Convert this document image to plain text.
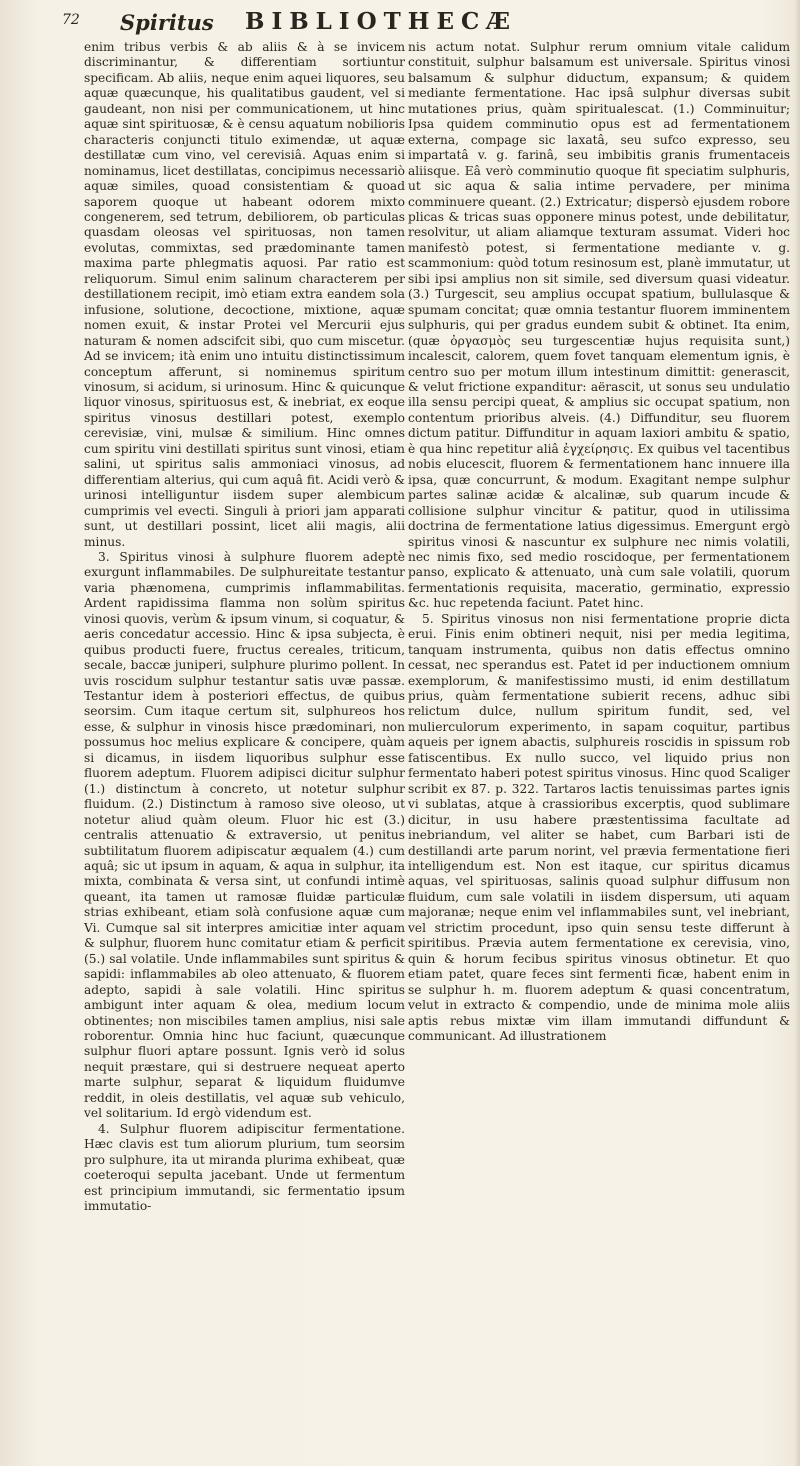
72 Spiritus BIBLIOTHECÆ

enim tribus verbis & ab aliis & à se invicem discriminantur, & differentiam sortiuntur specificam. Ab aliis, neque enim aquei liquores, seu aquæ quæcunque, his qualitatibus gaudent, vel si gaudeant, non nisi per communicationem, ut hinc aquæ sint spirituosæ, & è censu aquatum nobilioris characteris conjuncti titulo eximendæ, ut aquæ destillatæ cum vino, vel cerevisiâ. Aquas enim si nominamus, licet destillatas, concipimus necessariò aquæ similes, quoad consistentiam & quoad saporem quoque ut habeant odorem mixto congenerem, sed tetrum, debiliorem, ob particulas quasdam oleosas vel spirituosas, non tamen evolutas, commixtas, sed prædominante tamen maxima parte phlegmatis aquosi. Par ratio est reliquorum. Simul enim salinum characterem per destillationem recipit, imò etiam extra eandem sola infusione, solutione, decoctione, mixtione, aquæ nomen exuit, & instar Protei vel Mercurii ejus naturam & nomen adscifcit sibi, quo cum miscetur. Ad se invicem; ità enim uno intuitu distinctissimum conceptum afferunt, si nominemus spiritum vinosum, si acidum, si urinosum. Hinc & quicunque liquor vinosus, spirituosus est, & inebriat, ex eoque spiritus vinosus destillari potest, exemplo cerevisiæ, vini, mulsæ & similium. Hinc omnes cum spiritu vini destillati spiritus sunt vinosi, etiam salini, ut spiritus salis ammoniaci vinosus, ad differentiam alterius, qui cum aquâ fit. Acidi verò & urinosi intelliguntur iisdem super alembicum cumprimis vel evecti. Singuli à priori jam apparati sunt, ut destillari possint, licet alii magis, alii minus.

3. Spiritus vinosi à sulphure fluorem adeptè exurgunt inflammabiles. De sulphureitate testantur varia phænomena, cumprimis inflammabilitas. Ardent rapidissima flamma non solùm spiritus vinosi quovis, verùm & ipsum vinum, si coquatur, & aeris concedatur accessio. Hinc & ipsa subjecta, è quibus producti fuere, fructus cereales, triticum, secale, baccæ juniperi, sulphure plurimo pollent. In uvis roscidum sulphur testantur satis uvæ passæ. Testantur idem à posteriori effectus, de quibus seorsim. Cum itaque certum sit, sulphureos hos esse, & sulphur in vinosis hisce prædominari, non possumus hoc melius explicare & concipere, quàm si dicamus, in iisdem liquoribus sulphur esse fluorem adeptum. Fluorem adipisci dicitur sulphur (1.) distinctum à concreto, ut notetur sulphur fluidum. (2.) Distinctum à ramoso sive oleoso, ut notetur aliud quàm oleum. Fluor hic est (3.) centralis attenuatio & extraversio, ut penitus subtilitatum fluorem adipiscatur æqualem (4.) cum aquâ; sic ut ipsum in aquam, & aqua in sulphur, ita mixta, combinata & versa sint, ut confundi intimè queant, ita tamen ut ramosæ fluidæ particulæ strias exhibeant, etiam solà confusione aquæ cum Vi. Cumque sal sit interpres amicitiæ inter aquam & sulphur, fluorem hunc comitatur etiam & perficit (5.) sal volatile. Unde inflammabiles sunt spiritus & sapidi: inflammabiles ab oleo attenuato, & fluorem adepto, sapidi à sale volatili. Hinc spiritus ambigunt inter aquam & olea, medium locum obtinentes; non miscibiles tamen amplius, nisi sale roborentur. Omnia hinc huc faciunt, quæcunque sulphur fluori aptare possunt. Ignis verò id solus nequit præstare, qui si destruere nequeat aperto marte sulphur, separat & liquidum fluidumve reddit, in oleis destillatis, vel aquæ sub vehiculo, vel solitarium. Id ergò videndum est.

4. Sulphur fluorem adipiscitur fermentatione. Hæc clavis est tum aliorum plurium, tum seorsim pro sulphure, ita ut miranda plurima exhibeat, quæ coeteroqui sepulta jacebant. Unde ut fermentum est principium immutandi, sic fermentatio ipsum immutatio-

nis actum notat. Sulphur rerum omnium vitale calidum constituit, sulphur balsamum est universale. Spiritus vinosi balsamum & sulphur diductum, expansum; & quidem mediante fermentatione. Hac ipsâ sulphur diversas subit mutationes prius, quàm spiritualescat. (1.) Comminuitur; Ipsa quidem comminutio opus est ad fermentationem externa, compage sic laxatâ, seu sufco expresso, seu impartatâ v. g. farinâ, seu imbibitis granis frumentaceis aliisque. Eâ verò comminutio quoque fit speciatim sulphuris, ut sic aqua & salia intime pervadere, per minima comminuere queant. (2.) Extricatur; dispersò ejusdem robore plicas & tricas suas opponere minus potest, unde debilitatur, resolvitur, ut aliam aliamque texturam assumat. Videri hoc manifestò potest, si fermentatione mediante v. g. scammonium: quòd totum resinosum est, planè immutatur, ut sibi ipsi amplius non sit simile, sed diversum quasi videatur. (3.) Turgescit, seu amplius occupat spatium, bullulasque & spumam concitat; quæ omnia testantur fluorem imminentem sulphuris, qui per gradus eundem subit & obtinet. Ita enim, (quæ ὀργασμὸς seu turgescentiæ hujus requisita sunt,) incalescit, calorem, quem fovet tanquam elementum ignis, è centro suo per motum illum intestinum dimittit: generascit, & velut frictione expanditur: aërascit, ut sonus seu undulatio illa sensu percipi queat, & amplius sic occupat spatium, non contentum prioribus alveis. (4.) Diffunditur, seu fluorem dictum patitur. Diffunditur in aquam laxiori ambitu & spatio, è qua hinc repetitur aliâ ἐγχείρησις. Ex quibus vel tacentibus nobis elucescit, fluorem & fermentationem hanc innuere illa ipsa, quæ concurrunt, & modum. Exagitant nempe sulphur partes salinæ acidæ & alcalinæ, sub quarum incude & collisione sulphur vincitur & patitur, quod in utilissima doctrina de fermentatione latius digessimus. Emergunt ergò spiritus vinosi & nascuntur ex sulphure nec nimis volatili, nec nimis fixo, sed medio roscidoque, per fermentationem panso, explicato & attenuato, unà cum sale volatili, quorum fermentationis requisita, maceratio, germinatio, expressio &c. huc repetenda faciunt. Patet hinc.

5. Spiritus vinosus non nisi fermentatione proprie dicta erui. Finis enim obtineri nequit, nisi per media legitima, tanquam instrumenta, quibus non datis effectus omnino cessat, nec sperandus est. Patet id per inductionem omnium exemplorum, & manifestissimo musti, id enim destillatum prius, quàm fermentatione subierit recens, adhuc sibi relictum dulce, nullum spiritum fundit, sed, vel mulierculorum experimento, in sapam coquitur, partibus aqueis per ignem abactis, sulphureis roscidis in spissum rob fatiscentibus. Ex nullo succo, vel liquido prius non fermentato haberi potest spiritus vinosus. Hinc quod Scaliger scribit ex 87. p. 322. Tartaros lactis tenuissimas partes ignis vi sublatas, atque à crassioribus excerptis, quod sublimare dicitur, in usu habere præstentissima facultate ad inebriandum, vel aliter se habet, cum Barbari isti de destillandi arte parum norint, vel prævia fermentatione fieri intelligendum est. Non est itaque, cur spiritus dicamus aquas, vel spirituosas, salinis quoad sulphur diffusum non fluidum, cum sale volatili in iisdem dispersum, uti aquam majoranæ; neque enim vel inflammabiles sunt, vel inebriant, vel strictim procedunt, ipso quin sensu teste differunt à spiritibus. Prævia autem fermentatione ex cerevisia, vino, quin & horum fecibus spiritus vinosus obtinetur. Et quo etiam patet, quare feces sint fermenti ficæ, habent enim in se sulphur h. m. fluorem adeptum & quasi concentratum, velut in extracto & compendio, unde de minima mole aliis aptis rebus mixtæ vim illam immutandi diffundunt & communicant. Ad illustrationem
